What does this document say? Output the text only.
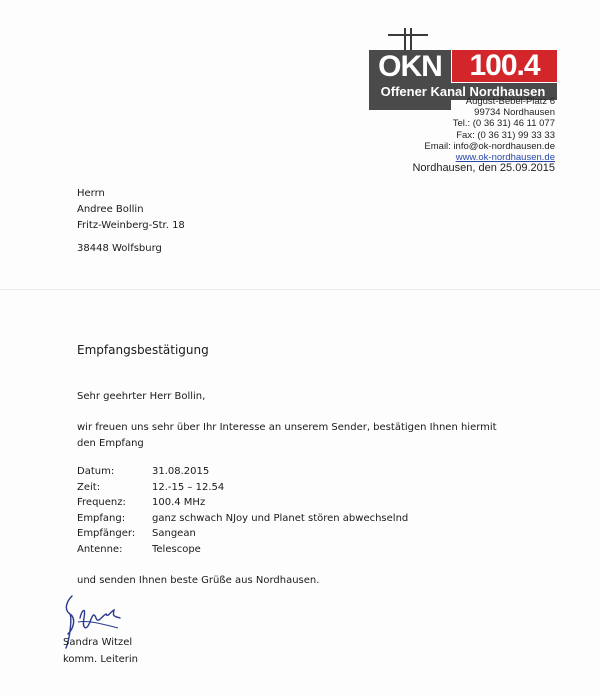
OKN 100.4
Offener Kanal Nordhausen
August-Bebel-Platz 6
99734 Nordhausen
Tel.: (0 36 31) 46 11 077
Fax: (0 36 31) 99 33 33
Email: info@ok-nordhausen.de
www.ok-nordhausen.de
Nordhausen, den 25.09.2015
Herrn
Andree Bollin
Fritz-Weinberg-Str. 18
38448 Wolfsburg
Empfangsbestätigung
Sehr geehrter Herr Bollin,
wir freuen uns sehr über Ihr Interesse an unserem Sender, bestätigen Ihnen hiermit den Empfang
Datum:	31.08.2015
Zeit:	12.-15 – 12.54
Frequenz:	100.4 MHz
Empfang:	ganz schwach NJoy und Planet stören abwechselnd
Empfänger: Sangean
Antenne:	Telescope
und senden Ihnen beste Grüße aus Nordhausen.
Sandra Witzel
komm. Leiterin
